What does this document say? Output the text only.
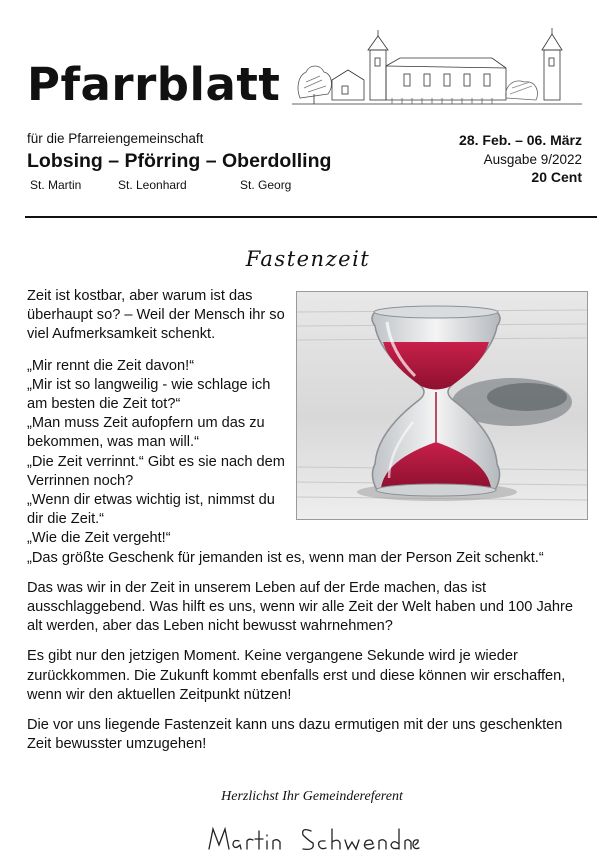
Pfarrblatt
für die Pfarreiengemeinschaft
Lobsing – Pförring – Oberdolling
St. Martin	St. Leonhard	St. Georg
28. Feb. – 06. März
Ausgabe 9/2022
20 Cent
Fastenzeit

Zeit ist kostbar, aber warum ist das überhaupt so? – Weil der Mensch ihr so viel Aufmerksamkeit schenkt.

„Mir rennt die Zeit davon!“
„Mir ist so langweilig - wie schlage ich am besten die Zeit tot?“
„Man muss Zeit aufopfern um das zu bekommen, was man will.“
„Die Zeit verrinnt.“ Gibt es sie nach dem Verrinnen noch?
„Wenn dir etwas wichtig ist, nimmst du dir die Zeit.“
„Wie die Zeit vergeht!“
„Das größte Geschenk für jemanden ist es, wenn man der Person Zeit schenkt.“

Das was wir in der Zeit in unserem Leben auf der Erde machen, das ist ausschlaggebend. Was hilft es uns, wenn wir alle Zeit der Welt haben und 100 Jahre alt werden, aber das Leben nicht bewusst wahrnehmen?

Es gibt nur den jetzigen Moment. Keine vergangene Sekunde wird je wieder zurückkommen. Die Zukunft kommt ebenfalls erst und diese können wir erschaffen, wenn wir den aktuellen Zeitpunkt nützen!

Die vor uns liegende Fastenzeit kann uns dazu ermutigen mit der uns geschenkten Zeit bewusster umzugehen!

Herzlichst Ihr Gemeindereferent
